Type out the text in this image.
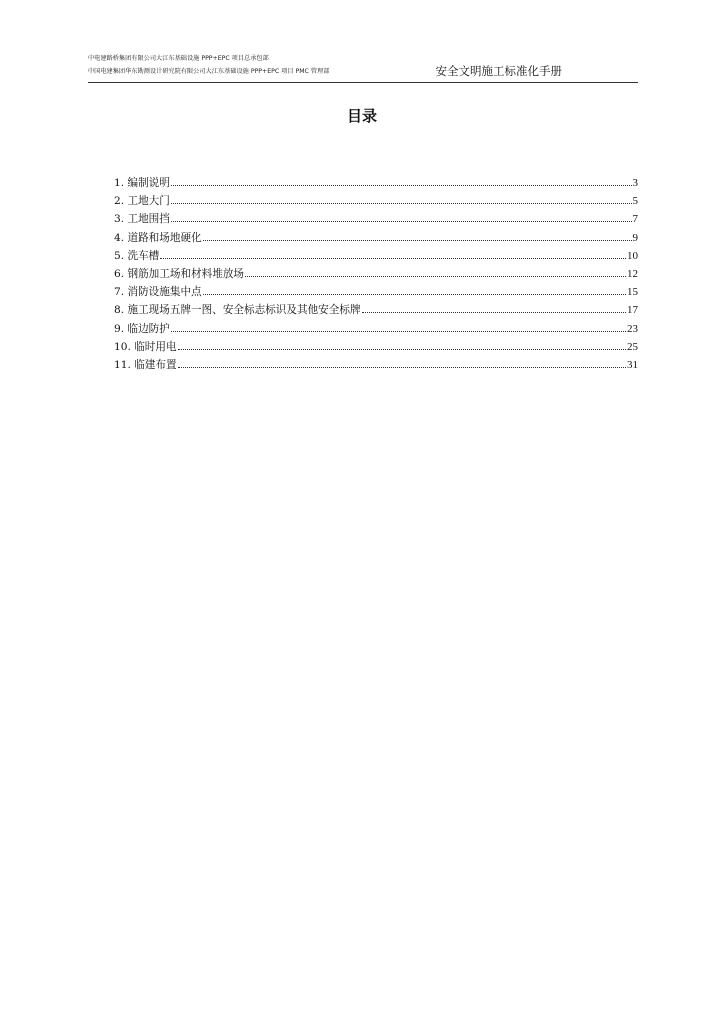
中电建路桥集团有限公司大江东基础设施 PPP+EPC 项目总承包部
中国电建集团华东勘测设计研究院有限公司大江东基础设施 PPP+EPC 项目 PMC 管理部	安全文明施工标准化手册
目录
1. 编制说明	3
2. 工地大门	5
3. 工地围挡	7
4. 道路和场地硬化	9
5. 洗车槽	10
6. 钢筋加工场和材料堆放场	12
7. 消防设施集中点	15
8. 施工现场五牌一图、安全标志标识及其他安全标牌	17
9. 临边防护	23
10. 临时用电	25
11. 临建布置	31
